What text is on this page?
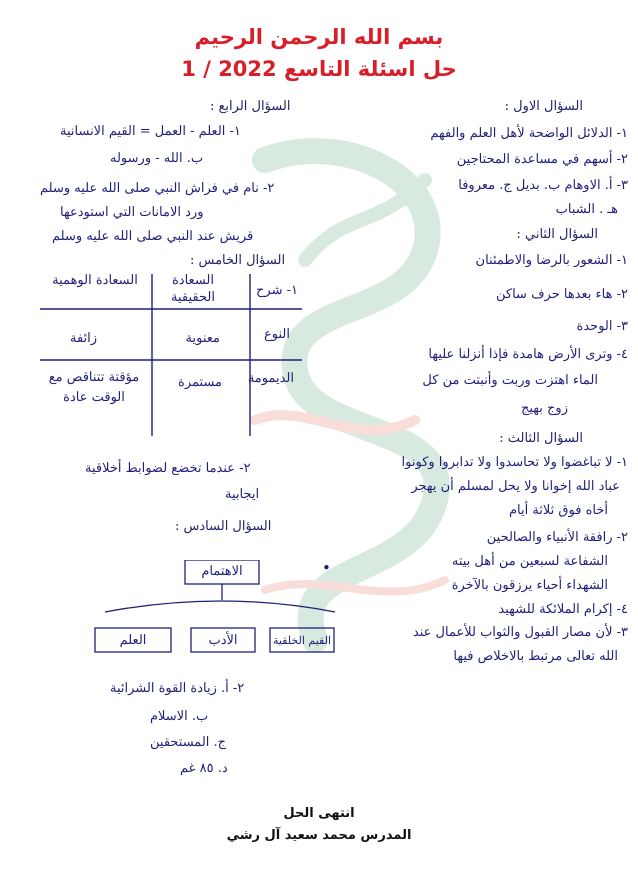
بسم الله الرحمن الرحيم
حل اسئلة التاسع 2022 / 1
السؤال الاول :
١- الدلائل الواضحة لأهل العلم والفهم
٢- أسهم في مساعدة المحتاجين
٣- أ. الاوهام ب. بديل ج. معروفا
هـ . الشباب
السؤال الثاني :
١- الشعور بالرضا والاطمئنان
٢- هاء بعدها حرف ساكن
٣- الوحدة
٤- وترى الأرض هامدة فإذا أنزلنا عليها
الماء اهتزت وربت وأنبتت من كل
زوج بهيج
السؤال الثالث :
١- لا تباغضوا ولا تحاسدوا ولا تدابروا وكونوا
عباد الله إخوانا ولا يحل لمسلم أن يهجر
أخاه فوق ثلاثة أيام
٢- رافقة الأنبياء والصالحين
الشفاعة لسبعين من أهل بيته
الشهداء أحياء يرزقون بالآخرة
٤- إكرام الملائكة للشهيد
٣- لأن مصار القبول والثواب للأعمال عند
الله تعالى مرتبط بالاخلاص فيها
السؤال الرابع :
١- العلم - العمل = القيم الانسانية
ب. الله - ورسوله
٢- نام في فراش النبي صلى الله عليه وسلم
ورد الامانات التي استودعها
قريش عند النبي صلى الله عليه وسلم
السؤال الخامس :
١- شرح
السعادة الحقيقية
السعادة الوهمية
النوع
معنوية
زائفة
الديمومة
مستمرة
مؤقتة تتناقص مع الوقت عادة
٢- عندما تخضع لضوابط أخلاقية
ايجابية
السؤال السادس :
الاهتمام
القيم الخلقية
الأدب
العلم
•
٢- أ. زيادة القوة الشرائية
ب. الاسلام
ج. المستحقين
د. ٨٥ غم
انتهى الحل
المدرس محمد سعيد آل رشي
